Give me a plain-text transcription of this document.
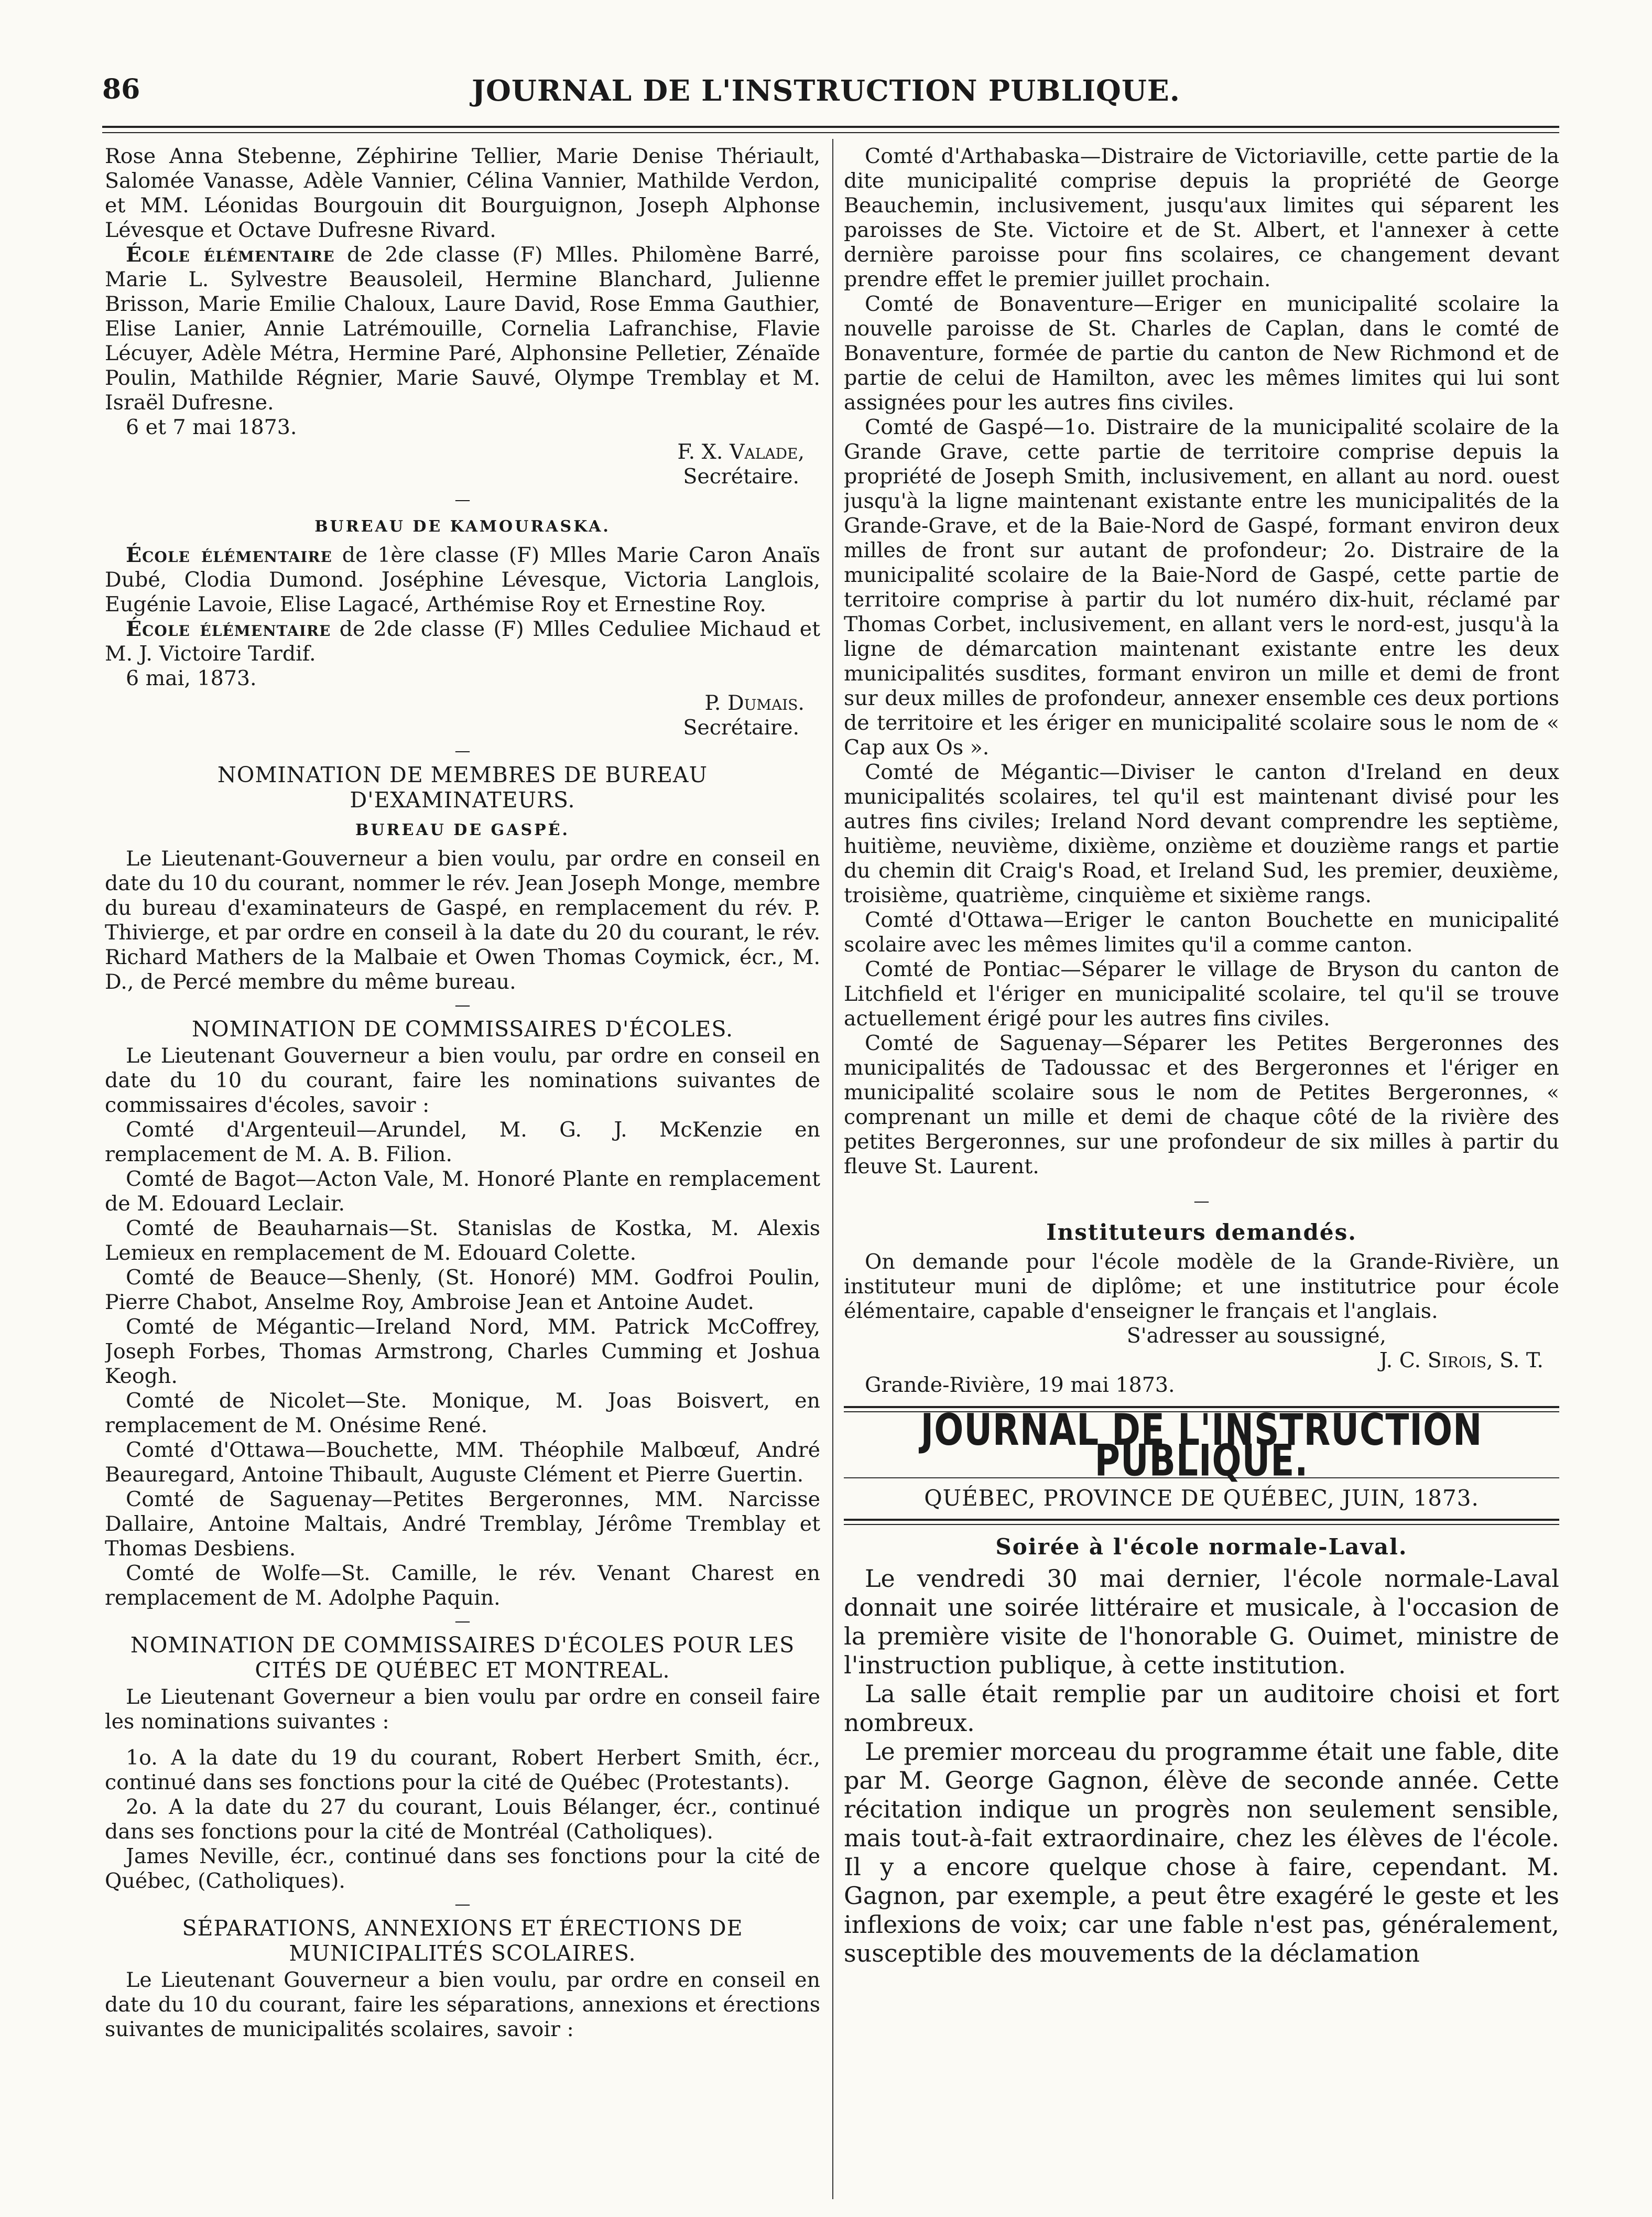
86	JOURNAL DE L'INSTRUCTION PUBLIQUE.

Rose Anna Stebenne, Zéphirine Tellier, Marie Denise Thériault, Salomée Vanasse, Adèle Vannier, Célina Vannier, Mathilde Verdon, et MM. Léonidas Bourgouin dit Bourguignon, Joseph Alphonse Lévesque et Octave Dufresne Rivard.

École élémentaire de 2de classe (F) Mlles. Philomène Barré, Marie L. Sylvestre Beausoleil, Hermine Blanchard, Julienne Brisson, Marie Emilie Chaloux, Laure David, Rose Emma Gauthier, Elise Lanier, Annie Latrémouille, Cornelia Lafranchise, Flavie Lécuyer, Adèle Métra, Hermine Paré, Alphonsine Pelletier, Zénaïde Poulin, Mathilde Régnier, Marie Sauvé, Olympe Tremblay et M. Israël Dufresne.

6 et 7 mai 1873.

F. X. Valade,
Secrétaire.
—
BUREAU DE KAMOURASKA.

École élémentaire de 1ère classe (F) Mlles Marie Caron Anaïs Dubé, Clodia Dumond. Joséphine Lévesque, Victoria Langlois, Eugénie Lavoie, Elise Lagacé, Arthémise Roy et Ernestine Roy.

École élémentaire de 2de classe (F) Mlles Ceduliee Michaud et M. J. Victoire Tardif.

6 mai, 1873.

P. Dumais.
Secrétaire.
—
NOMINATION DE MEMBRES DE BUREAU D'EXAMINATEURS.
BUREAU DE GASPÉ.

Le Lieutenant-Gouverneur a bien voulu, par ordre en conseil en date du 10 du courant, nommer le rév. Jean Joseph Monge, membre du bureau d'examinateurs de Gaspé, en remplacement du rév. P. Thivierge, et par ordre en conseil à la date du 20 du courant, le rév. Richard Mathers de la Malbaie et Owen Thomas Coymick, écr., M. D., de Percé membre du même bureau.

—
NOMINATION DE COMMISSAIRES D'ÉCOLES.

Le Lieutenant Gouverneur a bien voulu, par ordre en conseil en date du 10 du courant, faire les nominations suivantes de commissaires d'écoles, savoir :

Comté d'Argenteuil—Arundel, M. G. J. McKenzie en remplacement de M. A. B. Filion.

Comté de Bagot—Acton Vale, M. Honoré Plante en remplacement de M. Edouard Leclair.

Comté de Beauharnais—St. Stanislas de Kostka, M. Alexis Lemieux en remplacement de M. Edouard Colette.

Comté de Beauce—Shenly, (St. Honoré) MM. Godfroi Poulin, Pierre Chabot, Anselme Roy, Ambroise Jean et Antoine Audet.

Comté de Mégantic—Ireland Nord, MM. Patrick McCoffrey, Joseph Forbes, Thomas Armstrong, Charles Cumming et Joshua Keogh.

Comté de Nicolet—Ste. Monique, M. Joas Boisvert, en remplacement de M. Onésime René.

Comté d'Ottawa—Bouchette, MM. Théophile Malbœuf, André Beauregard, Antoine Thibault, Auguste Clément et Pierre Guertin.

Comté de Saguenay—Petites Bergeronnes, MM. Narcisse Dallaire, Antoine Maltais, André Tremblay, Jérôme Tremblay et Thomas Desbiens.

Comté de Wolfe—St. Camille, le rév. Venant Charest en remplacement de M. Adolphe Paquin.

—
NOMINATION DE COMMISSAIRES D'ÉCOLES POUR LES CITÉS DE QUÉBEC ET MONTREAL.

Le Lieutenant Governeur a bien voulu par ordre en conseil faire les nominations suivantes :

1o. A la date du 19 du courant, Robert Herbert Smith, écr., continué dans ses fonctions pour la cité de Québec (Protestants).

2o. A la date du 27 du courant, Louis Bélanger, écr., continué dans ses fonctions pour la cité de Montréal (Catholiques).

James Neville, écr., continué dans ses fonctions pour la cité de Québec, (Catholiques).

—
SÉPARATIONS, ANNEXIONS ET ÉRECTIONS DE MUNICIPALITÉS SCOLAIRES.

Le Lieutenant Gouverneur a bien voulu, par ordre en conseil en date du 10 du courant, faire les séparations, annexions et érections suivantes de municipalités scolaires, savoir :

Comté d'Arthabaska—Distraire de Victoriaville, cette partie de la dite municipalité comprise depuis la propriété de George Beauchemin, inclusivement, jusqu'aux limites qui séparent les paroisses de Ste. Victoire et de St. Albert, et l'annexer à cette dernière paroisse pour fins scolaires, ce changement devant prendre effet le premier juillet prochain.

Comté de Bonaventure—Eriger en municipalité scolaire la nouvelle paroisse de St. Charles de Caplan, dans le comté de Bonaventure, formée de partie du canton de New Richmond et de partie de celui de Hamilton, avec les mêmes limites qui lui sont assignées pour les autres fins civiles.

Comté de Gaspé—1o. Distraire de la municipalité scolaire de la Grande Grave, cette partie de territoire comprise depuis la propriété de Joseph Smith, inclusivement, en allant au nord. ouest jusqu'à la ligne maintenant existante entre les municipalités de la Grande-Grave, et de la Baie-Nord de Gaspé, formant environ deux milles de front sur autant de profondeur; 2o. Distraire de la municipalité scolaire de la Baie-Nord de Gaspé, cette partie de territoire comprise à partir du lot numéro dix-huit, réclamé par Thomas Corbet, inclusivement, en allant vers le nord-est, jusqu'à la ligne de démarcation maintenant existante entre les deux municipalités susdites, formant environ un mille et demi de front sur deux milles de profondeur, annexer ensemble ces deux portions de territoire et les ériger en municipalité scolaire sous le nom de « Cap aux Os ».

Comté de Mégantic—Diviser le canton d'Ireland en deux municipalités scolaires, tel qu'il est maintenant divisé pour les autres fins civiles; Ireland Nord devant comprendre les septième, huitième, neuvième, dixième, onzième et douzième rangs et partie du chemin dit Craig's Road, et Ireland Sud, les premier, deuxième, troisième, quatrième, cinquième et sixième rangs.

Comté d'Ottawa—Eriger le canton Bouchette en municipalité scolaire avec les mêmes limites qu'il a comme canton.

Comté de Pontiac—Séparer le village de Bryson du canton de Litchfield et l'ériger en municipalité scolaire, tel qu'il se trouve actuellement érigé pour les autres fins civiles.

Comté de Saguenay—Séparer les Petites Bergeronnes des municipalités de Tadoussac et des Bergeronnes et l'ériger en municipalité scolaire sous le nom de Petites Bergeronnes, « comprenant un mille et demi de chaque côté de la rivière des petites Bergeronnes, sur une profondeur de six milles à partir du fleuve St. Laurent.

—
Instituteurs demandés.

On demande pour l'école modèle de la Grande-Rivière, un instituteur muni de diplôme; et une institutrice pour école élémentaire, capable d'enseigner le français et l'anglais.

S'adresser au soussigné,
J. C. Sirois, S. T.

Grande-Rivière, 19 mai 1873.

JOURNAL DE L'INSTRUCTION PUBLIQUE.
QUÉBEC, PROVINCE DE QUÉBEC, JUIN, 1873.
Soirée à l'école normale-Laval.

Le vendredi 30 mai dernier, l'école normale-Laval donnait une soirée littéraire et musicale, à l'occasion de la première visite de l'honorable G. Ouimet, ministre de l'instruction publique, à cette institution.

La salle était remplie par un auditoire choisi et fort nombreux.

Le premier morceau du programme était une fable, dite par M. George Gagnon, élève de seconde année. Cette récitation indique un progrès non seulement sensible, mais tout-à-fait extraordinaire, chez les élèves de l'école. Il y a encore quelque chose à faire, cependant. M. Gagnon, par exemple, a peut être exagéré le geste et les inflexions de voix; car une fable n'est pas, généralement, susceptible des mouvements de la déclamation
